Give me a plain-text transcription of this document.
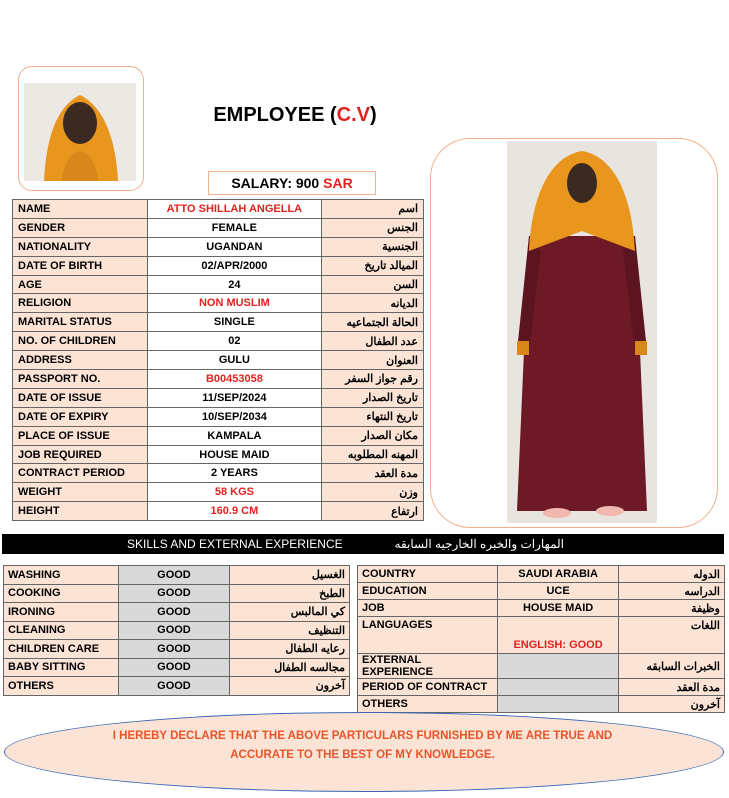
EMPLOYEE (C.V)
SALARY: 900 SAR
NAME	ATTO SHILLAH ANGELLA	اسم
GENDER	FEMALE	الجنس
NATIONALITY	UGANDAN	الجنسية
DATE OF BIRTH	02/APR/2000	الميالد تاريخ
AGE	24	السن
RELIGION	NON MUSLIM	الديانه
MARITAL STATUS	SINGLE	الحالة الجتماعيه
NO. OF CHILDREN	02	عدد الطفال
ADDRESS	GULU	العنوان
PASSPORT NO.	B00453058	رقم جواز السفر
DATE OF ISSUE	11/SEP/2024	تاريخ الصدار
DATE OF EXPIRY	10/SEP/2034	تاريخ النتهاء
PLACE OF ISSUE	KAMPALA	مكان الصدار
JOB REQUIRED	HOUSE MAID	المهنه المطلوبه
CONTRACT PERIOD	2 YEARS	مدة العقد
WEIGHT	58 KGS	وزن
HEIGHT	160.9 CM	ارتفاع
SKILLS AND EXTERNAL EXPERIENCE	المهارات والخبره الخارجيه السابقه
WASHING	GOOD	الغسيل
COOKING	GOOD	الطبخ
IRONING	GOOD	كي المالبس
CLEANING	GOOD	التنظيف
CHILDREN CARE	GOOD	رعايه الطفال
BABY SITTING	GOOD	مجالسه الطفال
OTHERS	GOOD	آخرون
COUNTRY	SAUDI ARABIA	الدوله
EDUCATION	UCE	الدراسه
JOB	HOUSE MAID	وظيفة
LANGUAGES	ENGLISH: GOOD	اللغات
EXTERNAL EXPERIENCE		الخبرات السابقه
PERIOD OF CONTRACT		مدة العقد
OTHERS		آخرون
I HEREBY DECLARE THAT THE ABOVE PARTICULARS FURNISHED BY ME ARE TRUE AND ACCURATE TO THE BEST OF MY KNOWLEDGE.
